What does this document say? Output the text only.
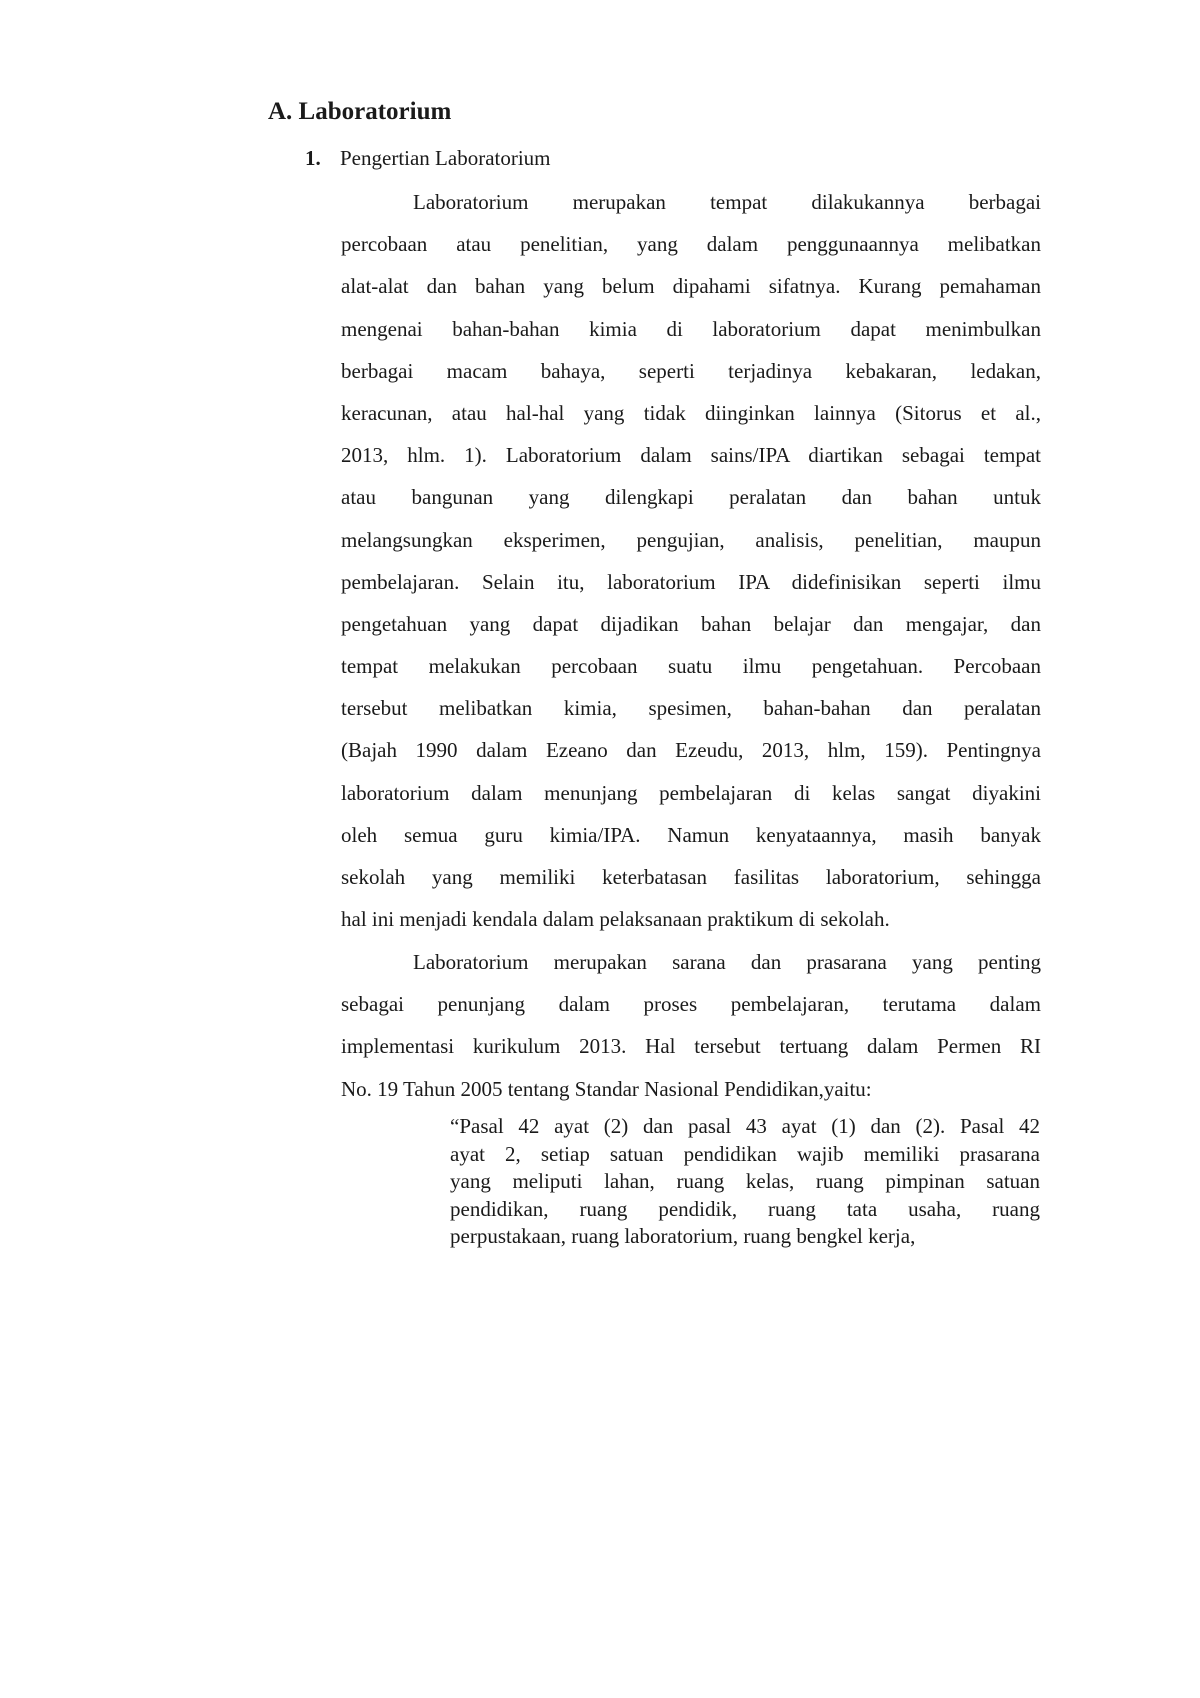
A. Laboratorium
1. Pengertian Laboratorium
Laboratorium merupakan tempat dilakukannya berbagai
percobaan atau penelitian, yang dalam penggunaannya melibatkan
alat-alat dan bahan yang belum dipahami sifatnya. Kurang pemahaman
mengenai bahan-bahan kimia di laboratorium dapat menimbulkan
berbagai macam bahaya, seperti terjadinya kebakaran, ledakan,
keracunan, atau hal-hal yang tidak diinginkan lainnya (Sitorus et al.,
2013, hlm. 1). Laboratorium dalam sains/IPA diartikan sebagai tempat
atau bangunan yang dilengkapi peralatan dan bahan untuk
melangsungkan eksperimen, pengujian, analisis, penelitian, maupun
pembelajaran. Selain itu, laboratorium IPA didefinisikan seperti ilmu
pengetahuan yang dapat dijadikan bahan belajar dan mengajar, dan
tempat melakukan percobaan suatu ilmu pengetahuan. Percobaan
tersebut melibatkan kimia, spesimen, bahan-bahan dan peralatan
(Bajah 1990 dalam Ezeano dan Ezeudu, 2013, hlm, 159). Pentingnya
laboratorium dalam menunjang pembelajaran di kelas sangat diyakini
oleh semua guru kimia/IPA. Namun kenyataannya, masih banyak
sekolah yang memiliki keterbatasan fasilitas laboratorium, sehingga
hal ini menjadi kendala dalam pelaksanaan praktikum di sekolah.
Laboratorium merupakan sarana dan prasarana yang penting
sebagai penunjang dalam proses pembelajaran, terutama dalam
implementasi kurikulum 2013. Hal tersebut tertuang dalam Permen RI
No. 19 Tahun 2005 tentang Standar Nasional Pendidikan,yaitu:
“Pasal 42 ayat (2) dan pasal 43 ayat (1) dan (2). Pasal 42
ayat 2, setiap satuan pendidikan wajib memiliki prasarana
yang meliputi lahan, ruang kelas, ruang pimpinan satuan
pendidikan, ruang pendidik, ruang tata usaha, ruang
perpustakaan, ruang laboratorium, ruang bengkel kerja,
